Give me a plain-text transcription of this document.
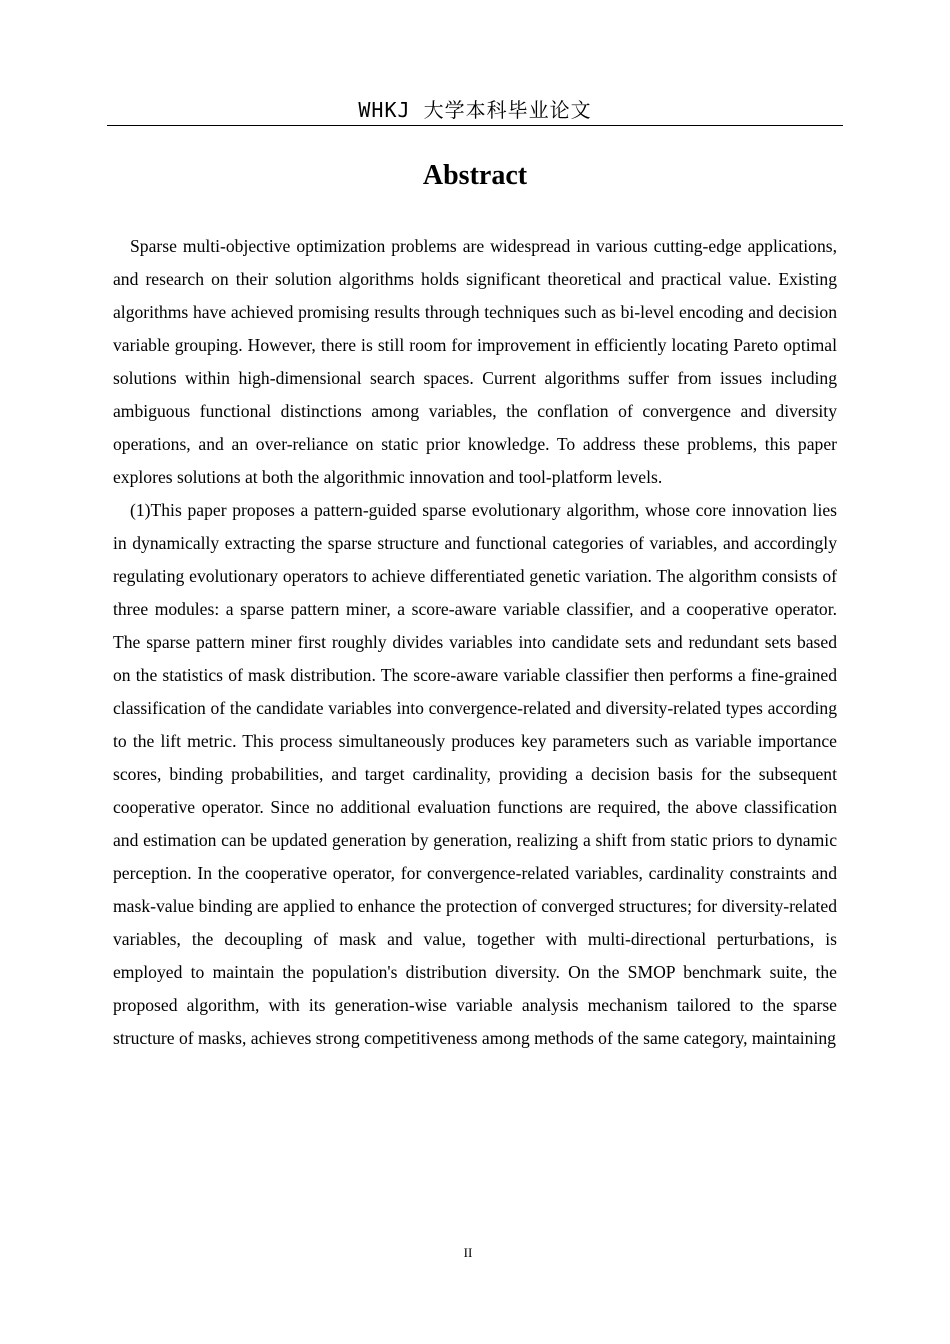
WHKJ 大学本科毕业论文
Abstract

Sparse multi-objective optimization problems are widespread in various cutting-edge applications, and research on their solution algorithms holds significant theoretical and practical value. Existing algorithms have achieved promising results through techniques such as bi-level encoding and decision variable grouping. However, there is still room for improvement in efficiently locating Pareto optimal solutions within high-dimensional search spaces. Current algorithms suffer from issues including ambiguous functional distinctions among variables, the conflation of convergence and diversity operations, and an over-reliance on static prior knowledge. To address these problems, this paper explores solutions at both the algorithmic innovation and tool-platform levels.

(1)This paper proposes a pattern-guided sparse evolutionary algorithm, whose core innovation lies in dynamically extracting the sparse structure and functional categories of variables, and accordingly regulating evolutionary operators to achieve differentiated genetic variation. The algorithm consists of three modules: a sparse pattern miner, a score-aware variable classifier, and a cooperative operator. The sparse pattern miner first roughly divides variables into candidate sets and redundant sets based on the statistics of mask distribution. The score-aware variable classifier then performs a fine-grained classification of the candidate variables into convergence-related and diversity-related types according to the lift metric. This process simultaneously produces key parameters such as variable importance scores, binding probabilities, and target cardinality, providing a decision basis for the subsequent cooperative operator. Since no additional evaluation functions are required, the above classification and estimation can be updated generation by generation, realizing a shift from static priors to dynamic perception. In the cooperative operator, for convergence-related variables, cardinality constraints and mask-value binding are applied to enhance the protection of converged structures; for diversity-related variables, the decoupling of mask and value, together with multi-directional perturbations, is employed to maintain the population's distribution diversity. On the SMOP benchmark suite, the proposed algorithm, with its generation-wise variable analysis mechanism tailored to the sparse structure of masks, achieves strong competitiveness among methods of the same category, maintaining

II
